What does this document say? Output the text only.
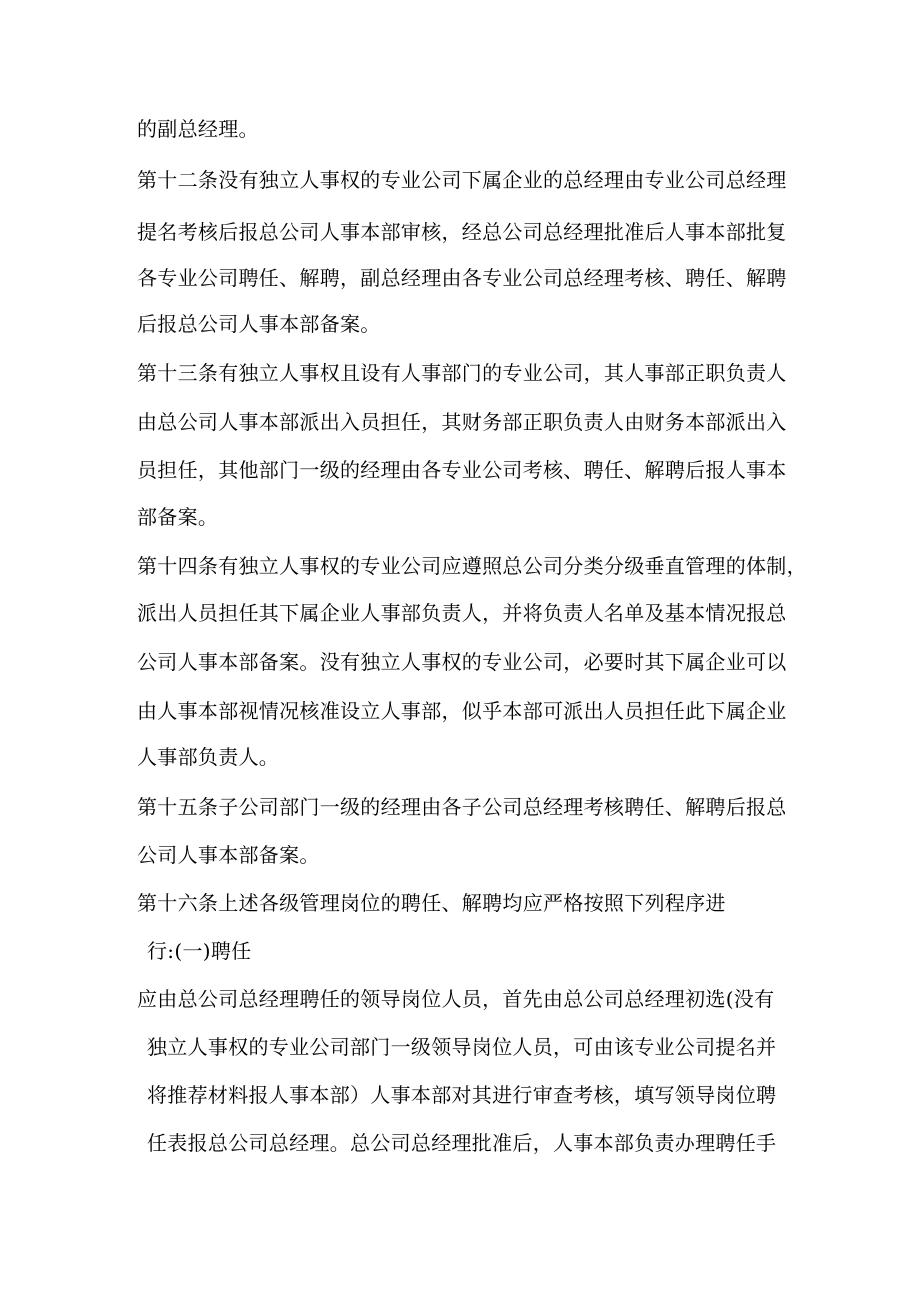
的副总经理。
第十二条没有独立人事权的专业公司下属企业的总经理由专业公司总经理
提名考核后报总公司人事本部审核，经总公司总经理批准后人事本部批复
各专业公司聘任、解聘，副总经理由各专业公司总经理考核、聘任、解聘
后报总公司人事本部备案。
第十三条有独立人事权且设有人事部门的专业公司，其人事部正职负责人
由总公司人事本部派出入员担任，其财务部正职负责人由财务本部派出入
员担任，其他部门一级的经理由各专业公司考核、聘任、解聘后报人事本
部备案。
第十四条有独立人事权的专业公司应遵照总公司分类分级垂直管理的体制，
派出人员担任其下属企业人事部负责人，并将负责人名单及基本情况报总
公司人事本部备案。没有独立人事权的专业公司，必要时其下属企业可以
由人事本部视情况核准设立人事部，似乎本部可派出人员担任此下属企业
人事部负责人。
第十五条子公司部门一级的经理由各子公司总经理考核聘任、解聘后报总
公司人事本部备案。
第十六条上述各级管理岗位的聘任、解聘均应严格按照下列程序进
行:(一)聘任
应由总公司总经理聘任的领导岗位人员，首先由总公司总经理初选(没有
独立人事权的专业公司部门一级领导岗位人员，可由该专业公司提名并
将推荐材料报人事本部）人事本部对其进行审查考核，填写领导岗位聘
任表报总公司总经理。总公司总经理批准后，人事本部负责办理聘任手
